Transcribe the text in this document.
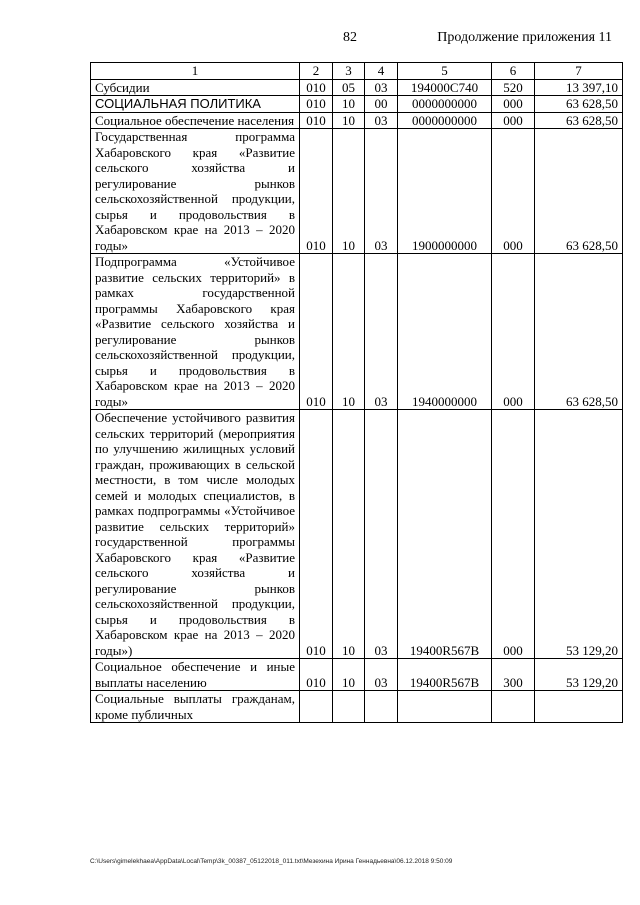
82	Продолжение приложения 11
1	2	3	4	5	6	7
Субсидии	010	05	03	194000С740	520	13 397,10
СОЦИАЛЬНАЯ ПОЛИТИКА	010	10	00	0000000000	000	63 628,50
Социальное обеспечение населения	010	10	03	0000000000	000	63 628,50
Государственная программа Хабаровского края «Развитие сельского хозяйства и регулирование рынков сельскохозяйственной продукции, сырья и продовольствия в Хабаровском крае на 2013 – 2020 годы»	010	10	03	1900000000	000	63 628,50
Подпрограмма «Устойчивое развитие сельских территорий» в рамках государственной программы Хабаровского края «Развитие сельского хозяйства и регулирование рынков сельскохозяйственной продукции, сырья и продовольствия в Хабаровском крае на 2013 – 2020 годы»	010	10	03	1940000000	000	63 628,50
Обеспечение устойчивого развития сельских территорий (мероприятия по улучшению жилищных условий граждан, проживающих в сельской местности, в том числе молодых семей и молодых специалистов, в рамках подпрограммы «Устойчивое развитие сельских территорий» государственной программы Хабаровского края «Развитие сельского хозяйства и регулирование рынков сельскохозяйственной продукции, сырья и продовольствия в Хабаровском крае на 2013 – 2020 годы»)	010	10	03	19400R567B	000	53 129,20
Социальное обеспечение и иные выплаты населению	010	10	03	19400R567B	300	53 129,20
Социальные выплаты гражданам, кроме публичных						
C:\Users\gimelekhaea\AppData\Local\Temp\3k_00387_05122018_011.txt\Мезехина Ирина Геннадьевна\06.12.2018 9:50:09
